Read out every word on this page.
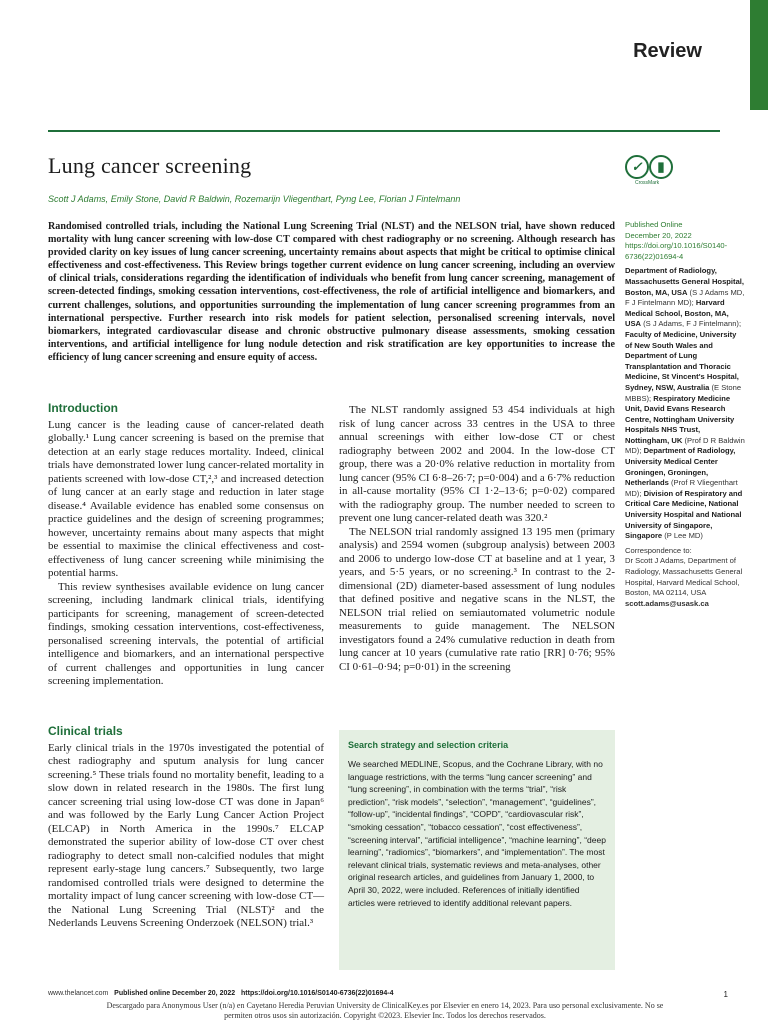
Review
Lung cancer screening	✓	▮
CrossMark
Scott J Adams, Emily Stone, David R Baldwin, Rozemarijn Vliegenthart, Pyng Lee, Florian J Fintelmann
Randomised controlled trials, including the National Lung Screening Trial (NLST) and the NELSON trial, have shown reduced mortality with lung cancer screening with low-dose CT compared with chest radiography or no screening. Although research has provided clarity on key issues of lung cancer screening, uncertainty remains about aspects that might be critical to optimise clinical effectiveness and cost-effectiveness. This Review brings together current evidence on lung cancer screening, including an overview of clinical trials, considerations regarding the identification of individuals who benefit from lung cancer screening, management of screen-detected findings, smoking cessation interventions, cost-effectiveness, the role of artificial intelligence and biomarkers, and current challenges, solutions, and opportunities surrounding the implementation of lung cancer screening programmes from an international perspective. Further research into risk models for patient selection, personalised screening intervals, novel biomarkers, integrated cardiovascular disease and chronic obstructive pulmonary disease assessments, smoking cessation interventions, and artificial intelligence for lung nodule detection and risk stratification are key opportunities to increase the efficiency of lung cancer screening and ensure equity of access.

Published Online
December 20, 2022
https://doi.org/10.1016/S0140-6736(22)01694-4

Department of Radiology, Massachusetts General Hospital, Boston, MA, USA (S J Adams MD, F J Fintelmann MD); Harvard Medical School, Boston, MA, USA (S J Adams, F J Fintelmann); Faculty of Medicine, University of New South Wales and Department of Lung Transplantation and Thoracic Medicine, St Vincent's Hospital, Sydney, NSW, Australia (E Stone MBBS); Respiratory Medicine Unit, David Evans Research Centre, Nottingham University Hospitals NHS Trust, Nottingham, UK (Prof D R Baldwin MD); Department of Radiology, University Medical Center Groningen, Groningen, Netherlands (Prof R Vliegenthart MD); Division of Respiratory and Critical Care Medicine, National University Hospital and National University of Singapore, Singapore (P Lee MD)

Correspondence to:
Dr Scott J Adams, Department of Radiology, Massachusetts General Hospital, Harvard Medical School, Boston, MA 02114, USA
scott.adams@usask.ca

Introduction

Lung cancer is the leading cause of cancer-related death globally.¹ Lung cancer screening is based on the premise that detection at an early stage reduces mortality. Indeed, clinical trials have demonstrated lower lung cancer-related mortality in patients screened with low-dose CT,²,³ and increased detection of lung cancer at an early stage and reduction in later stage disease.⁴ Available evidence has enabled some consensus on practice guidelines and the design of screening programmes; however, uncertainty remains about many aspects that might be essential to maximise the clinical effectiveness and cost-effectiveness of lung cancer screening while minimising the potential harms.

This review synthesises available evidence on lung cancer screening, including landmark clinical trials, identifying participants for screening, management of screen-detected findings, smoking cessation interventions, cost-effectiveness, personalised screening intervals, the potential of artificial intelligence and biomarkers, and an international perspective of current challenges and opportunities in lung cancer screening implementation.

Clinical trials

Early clinical trials in the 1970s investigated the potential of chest radiography and sputum analysis for lung cancer screening.⁵ These trials found no mortality benefit, leading to a slow down in related research in the 1980s. The first lung cancer screening trial using low-dose CT was done in Japan⁶ and was followed by the Early Lung Cancer Action Project (ELCAP) in North America in the 1990s.⁷ ELCAP demonstrated the superior ability of low-dose CT over chest radiography to detect small non-calcified nodules that might represent early-stage lung cancers.⁷ Subsequently, two large randomised controlled trials were designed to determine the mortality impact of lung cancer screening with low-dose CT—the National Lung Screening Trial (NLST)² and the Nederlands Leuvens Screening Onderzoek (NELSON) trial.³

The NLST randomly assigned 53 454 individuals at high risk of lung cancer across 33 centres in the USA to three annual screenings with either low-dose CT or chest radiography between 2002 and 2004. In the low-dose CT group, there was a 20·0% relative reduction in mortality from lung cancer (95% CI 6·8–26·7; p=0·004) and a 6·7% reduction in all-cause mortality (95% CI 1·2–13·6; p=0·02) compared with the radiography group. The number needed to screen to prevent one lung cancer-related death was 320.²

The NELSON trial randomly assigned 13 195 men (primary analysis) and 2594 women (subgroup analysis) between 2003 and 2006 to undergo low-dose CT at baseline and at 1 year, 3 years, and 5·5 years, or no screening.³ In contrast to the 2-dimensional (2D) diameter-based assessment of lung nodules that defined positive and negative scans in the NLST, the NELSON trial relied on semiautomated volumetric nodule measurements to guide management. The NELSON investigators found a 24% cumulative reduction in death from lung cancer at 10 years (cumulative rate ratio [RR] 0·76; 95% CI 0·61–0·94; p=0·01) in the screening

Search strategy and selection criteria
We searched MEDLINE, Scopus, and the Cochrane Library, with no language restrictions, with the terms “lung cancer screening” and “lung screening”, in combination with the terms “trial”, “risk prediction”, “risk models”, “selection”, “management”, “guidelines”, “follow-up”, “incidental findings”, “COPD”, “cardiovascular risk”, “smoking cessation”, “tobacco cessation”, “cost effectiveness”, “screening interval”, “artificial intelligence”, “machine learning”, “deep learning”, “radiomics”, “biomarkers”, and “implementation”. The most relevant clinical trials, systematic reviews and meta-analyses, other original research articles, and guidelines from January 1, 2000, to April 30, 2022, were included. References of initially identified articles were retrieved to identify additional relevant papers.
www.thelancet.com Published online December 20, 2022 https://doi.org/10.1016/S0140-6736(22)01694-4	1
Descargado para Anonymous User (n/a) en Cayetano Heredia Peruvian University de ClinicalKey.es por Elsevier en enero 14, 2023. Para uso personal exclusivamente. No se permiten otros usos sin autorización. Copyright ©2023. Elsevier Inc. Todos los derechos reservados.
